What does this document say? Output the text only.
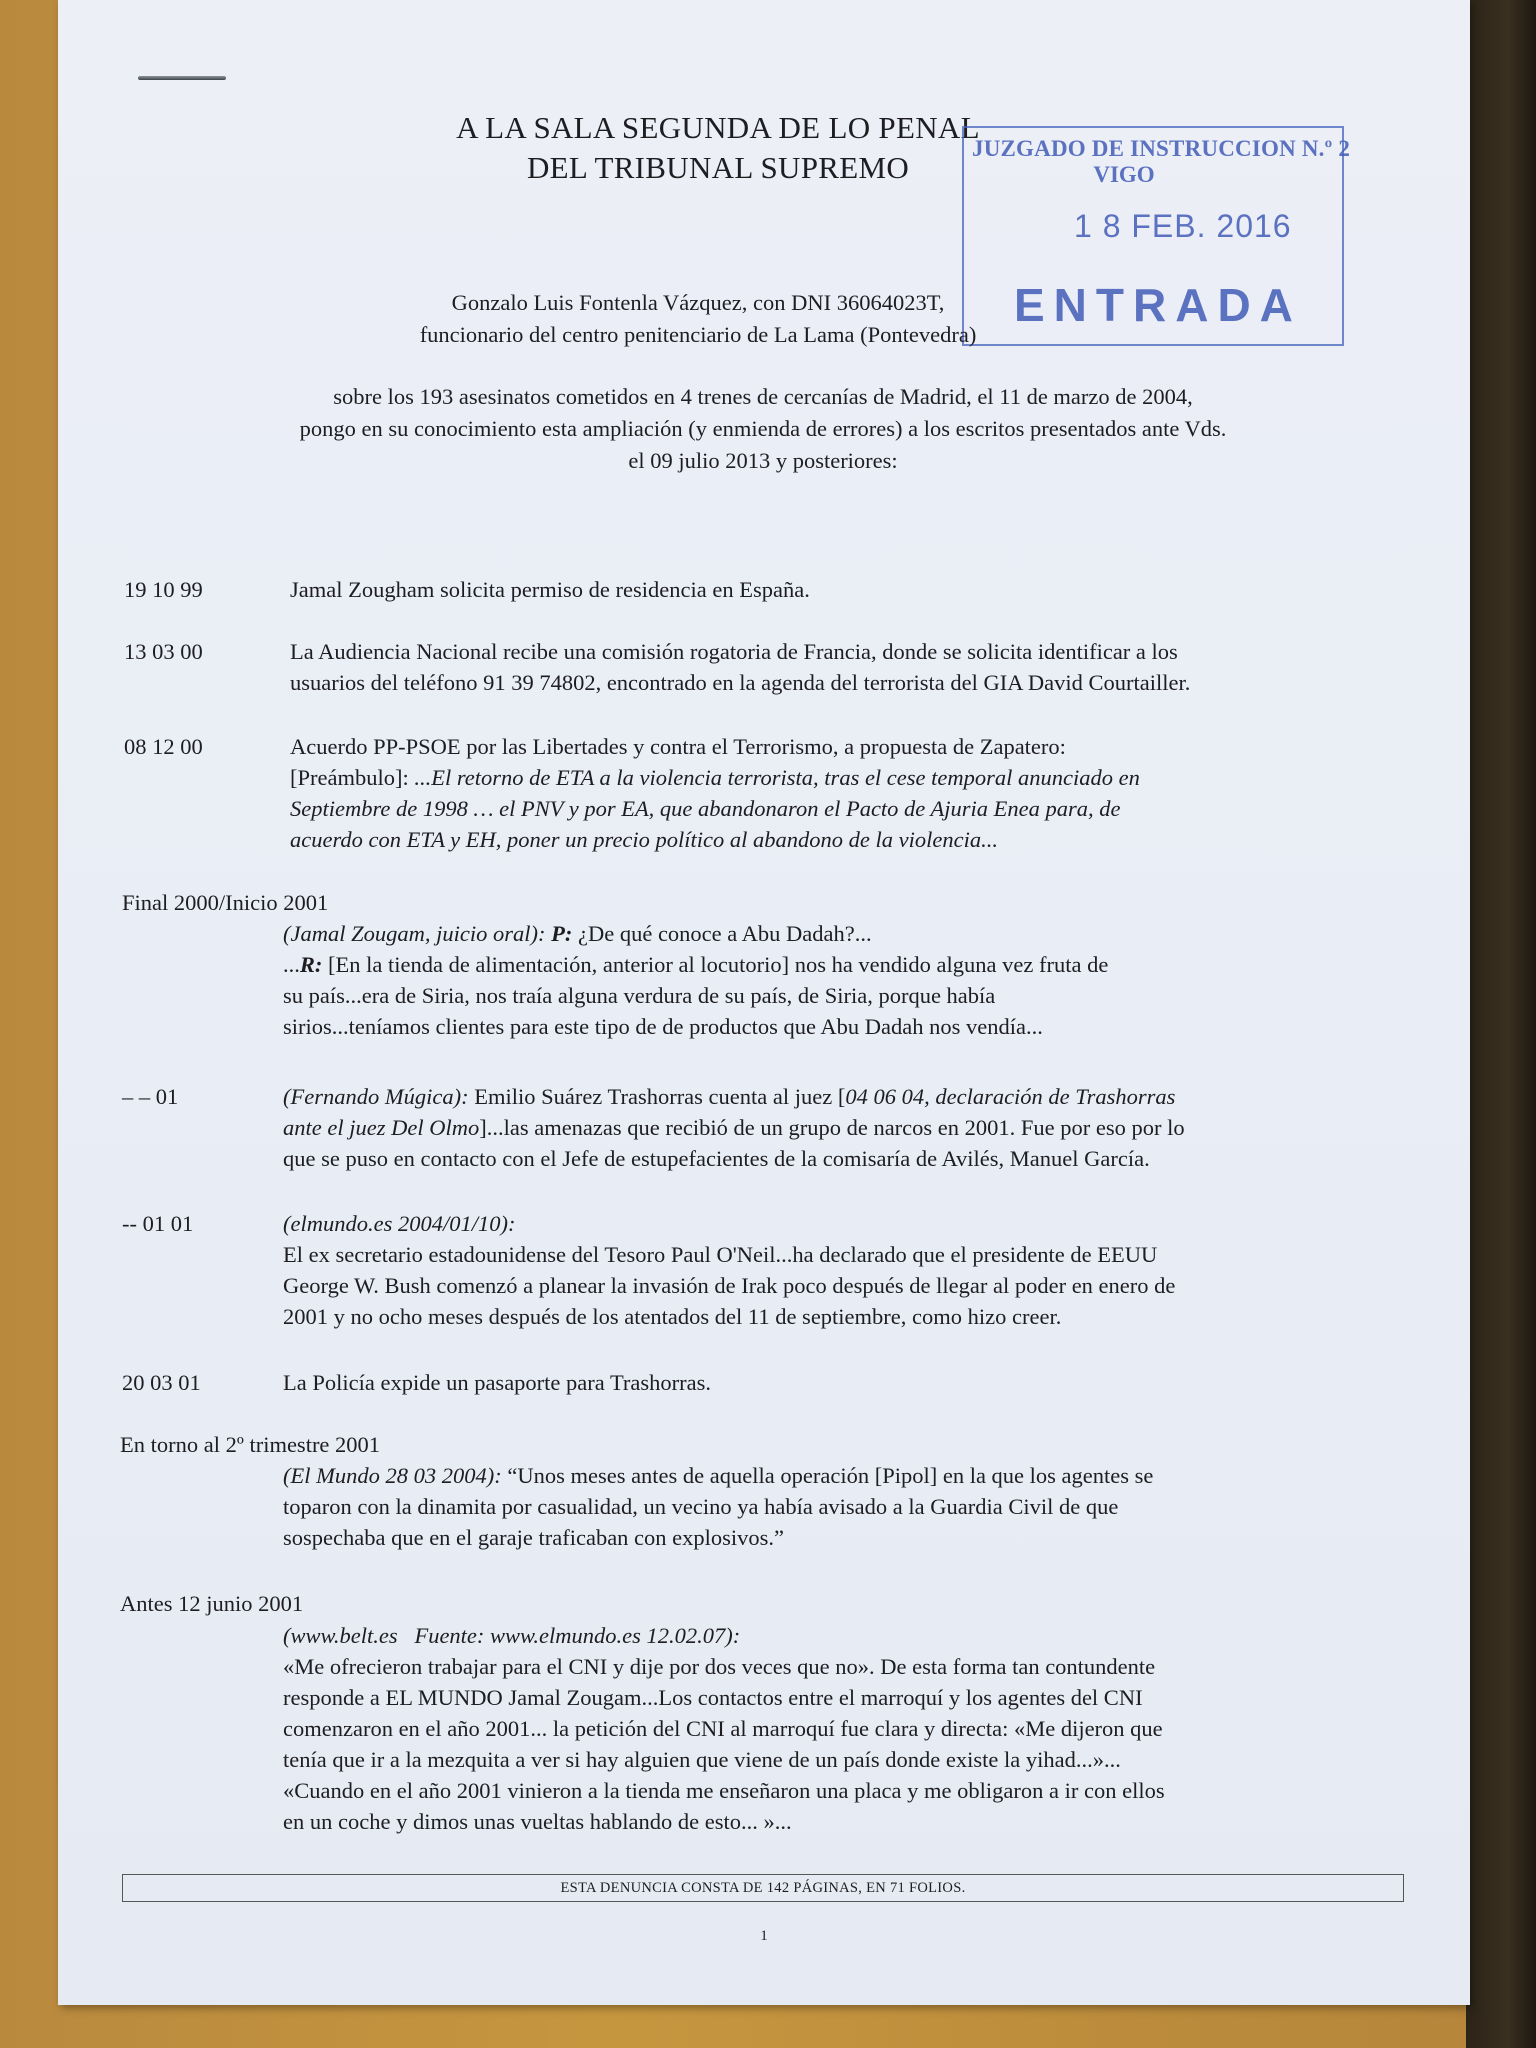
A LA SALA SEGUNDA DE LO PENAL
DEL TRIBUNAL SUPREMO
JUZGADO DE INSTRUCCION N.º 2
VIGO
1 8 FEB. 2016
ENTRADA
Gonzalo Luis Fontenla Vázquez, con DNI 36064023T,
funcionario del centro penitenciario de La Lama (Pontevedra)
sobre los 193 asesinatos cometidos en 4 trenes de cercanías de Madrid, el 11 de marzo de 2004,
pongo en su conocimiento esta ampliación (y enmienda de errores) a los escritos presentados ante Vds.
el 09 julio 2013 y posteriores:
19 10 99	Jamal Zougham solicita permiso de residencia en España.

13 03 00	La Audiencia Nacional recibe una comisión rogatoria de Francia, donde se solicita identificar a los

usuarios del teléfono 91 39 74802, encontrado en la agenda del terrorista del GIA David Courtailler.

08 12 00	Acuerdo PP-PSOE por las Libertades y contra el Terrorismo, a propuesta de Zapatero:

[Preámbulo]: ...El retorno de ETA a la violencia terrorista, tras el cese temporal anunciado en

Septiembre de 1998 … el PNV y por EA, que abandonaron el Pacto de Ajuria Enea para, de

acuerdo con ETA y EH, poner un precio político al abandono de la violencia...

Final 2000/Inicio 2001

(Jamal Zougam, juicio oral): P: ¿De qué conoce a Abu Dadah?...

...R: [En la tienda de alimentación, anterior al locutorio] nos ha vendido alguna vez fruta de

su país...era de Siria, nos traía alguna verdura de su país, de Siria, porque había

sirios...teníamos clientes para este tipo de de productos que Abu Dadah nos vendía...

– – 01	(Fernando Múgica): Emilio Suárez Trashorras cuenta al juez [04 06 04, declaración de Trashorras

ante el juez Del Olmo]...las amenazas que recibió de un grupo de narcos en 2001. Fue por eso por lo

que se puso en contacto con el Jefe de estupefacientes de la comisaría de Avilés, Manuel García.

-- 01 01	(elmundo.es 2004/01/10):

El ex secretario estadounidense del Tesoro Paul O'Neil...ha declarado que el presidente de EEUU

George W. Bush comenzó a planear la invasión de Irak poco después de llegar al poder en enero de

2001 y no ocho meses después de los atentados del 11 de septiembre, como hizo creer.

20 03 01	La Policía expide un pasaporte para Trashorras.

En torno al 2º trimestre 2001

(El Mundo 28 03 2004): “Unos meses antes de aquella operación [Pipol] en la que los agentes se

toparon con la dinamita por casualidad, un vecino ya había avisado a la Guardia Civil de que

sospechaba que en el garaje traficaban con explosivos.”

Antes 12 junio 2001

(www.belt.es   Fuente: www.elmundo.es 12.02.07):

«Me ofrecieron trabajar para el CNI y dije por dos veces que no». De esta forma tan contundente

responde a EL MUNDO Jamal Zougam...Los contactos entre el marroquí y los agentes del CNI

comenzaron en el año 2001... la petición del CNI al marroquí fue clara y directa: «Me dijeron que

tenía que ir a la mezquita a ver si hay alguien que viene de un país donde existe la yihad...»...

«Cuando en el año 2001 vinieron a la tienda me enseñaron una placa y me obligaron a ir con ellos

en un coche y dimos unas vueltas hablando de esto... »...

ESTA DENUNCIA CONSTA DE 142 PÁGINAS, EN 71 FOLIOS.
1
